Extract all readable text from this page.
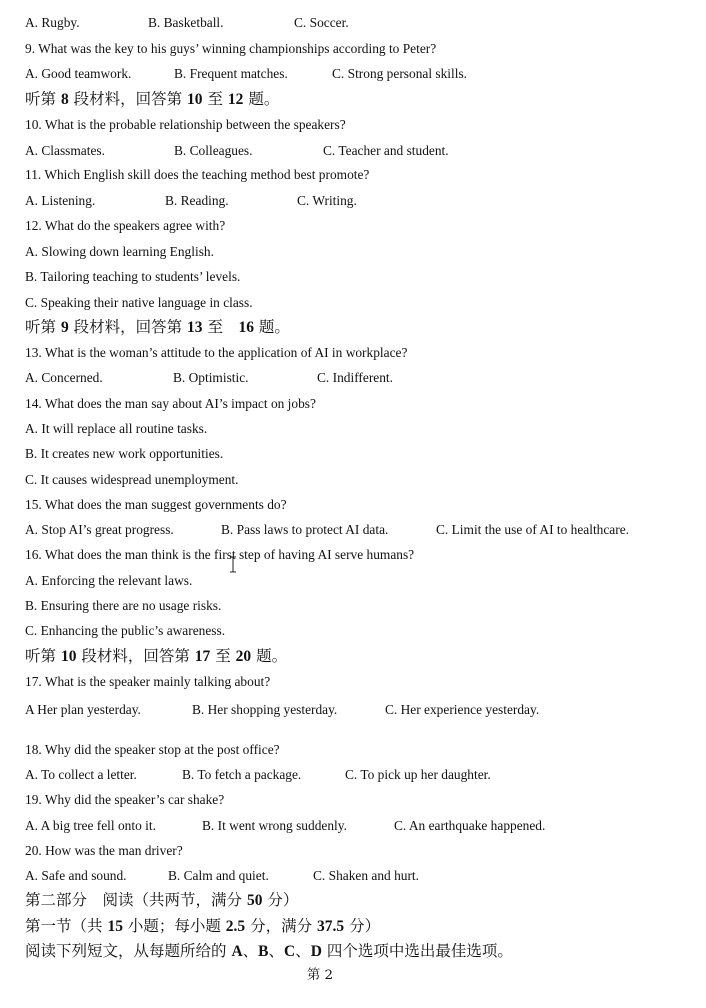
A. Rugby.	B. Basketball.	C. Soccer.
9. What was the key to his guys’ winning championships according to Peter?
A. Good teamwork.	B. Frequent matches.	C. Strong personal skills.
听第 8 段材料，回答第 10 至 12 题。
10. What is the probable relationship between the speakers?
A. Classmates.	B. Colleagues.	C. Teacher and student.
11. Which English skill does the teaching method best promote?
A. Listening.	B. Reading.	C. Writing.
12. What do the speakers agree with?
A. Slowing down learning English.
B. Tailoring teaching to students’ levels.
C. Speaking their native language in class.
听第 9 段材料，回答第 13 至　16 题。
13. What is the woman’s attitude to the application of AI in workplace?
A. Concerned.	B. Optimistic.	C. Indifferent.
14. What does the man say about AI’s impact on jobs?
A. It will replace all routine tasks.
B. It creates new work opportunities.
C. It causes widespread unemployment.
15. What does the man suggest governments do?
A. Stop AI’s great progress.	B. Pass laws to protect AI data.	C. Limit the use of AI to healthcare.
16. What does the man think is the first step of having AI serve humans?
A. Enforcing the relevant laws.
B. Ensuring there are no usage risks.
C. Enhancing the public’s awareness.
听第 10 段材料，回答第 17 至 20 题。
17. What is the speaker mainly talking about?
A Her plan yesterday.	B. Her shopping yesterday.	C. Her experience yesterday.
18. Why did the speaker stop at the post office?
A. To collect a letter.	B. To fetch a package.	C. To pick up her daughter.
19. Why did the speaker’s car shake?
A. A big tree fell onto it.	B. It went wrong suddenly.	C. An earthquake happened.
20. How was the man driver?
A. Safe and sound.	B. Calm and quiet.	C. Shaken and hurt.
第二部分　阅读（共两节，满分 50 分）
第一节（共 15 小题；每小题 2.5 分，满分 37.5 分）
阅读下列短文，从每题所给的 A、B、C、D 四个选项中选出最佳选项。
第 2
